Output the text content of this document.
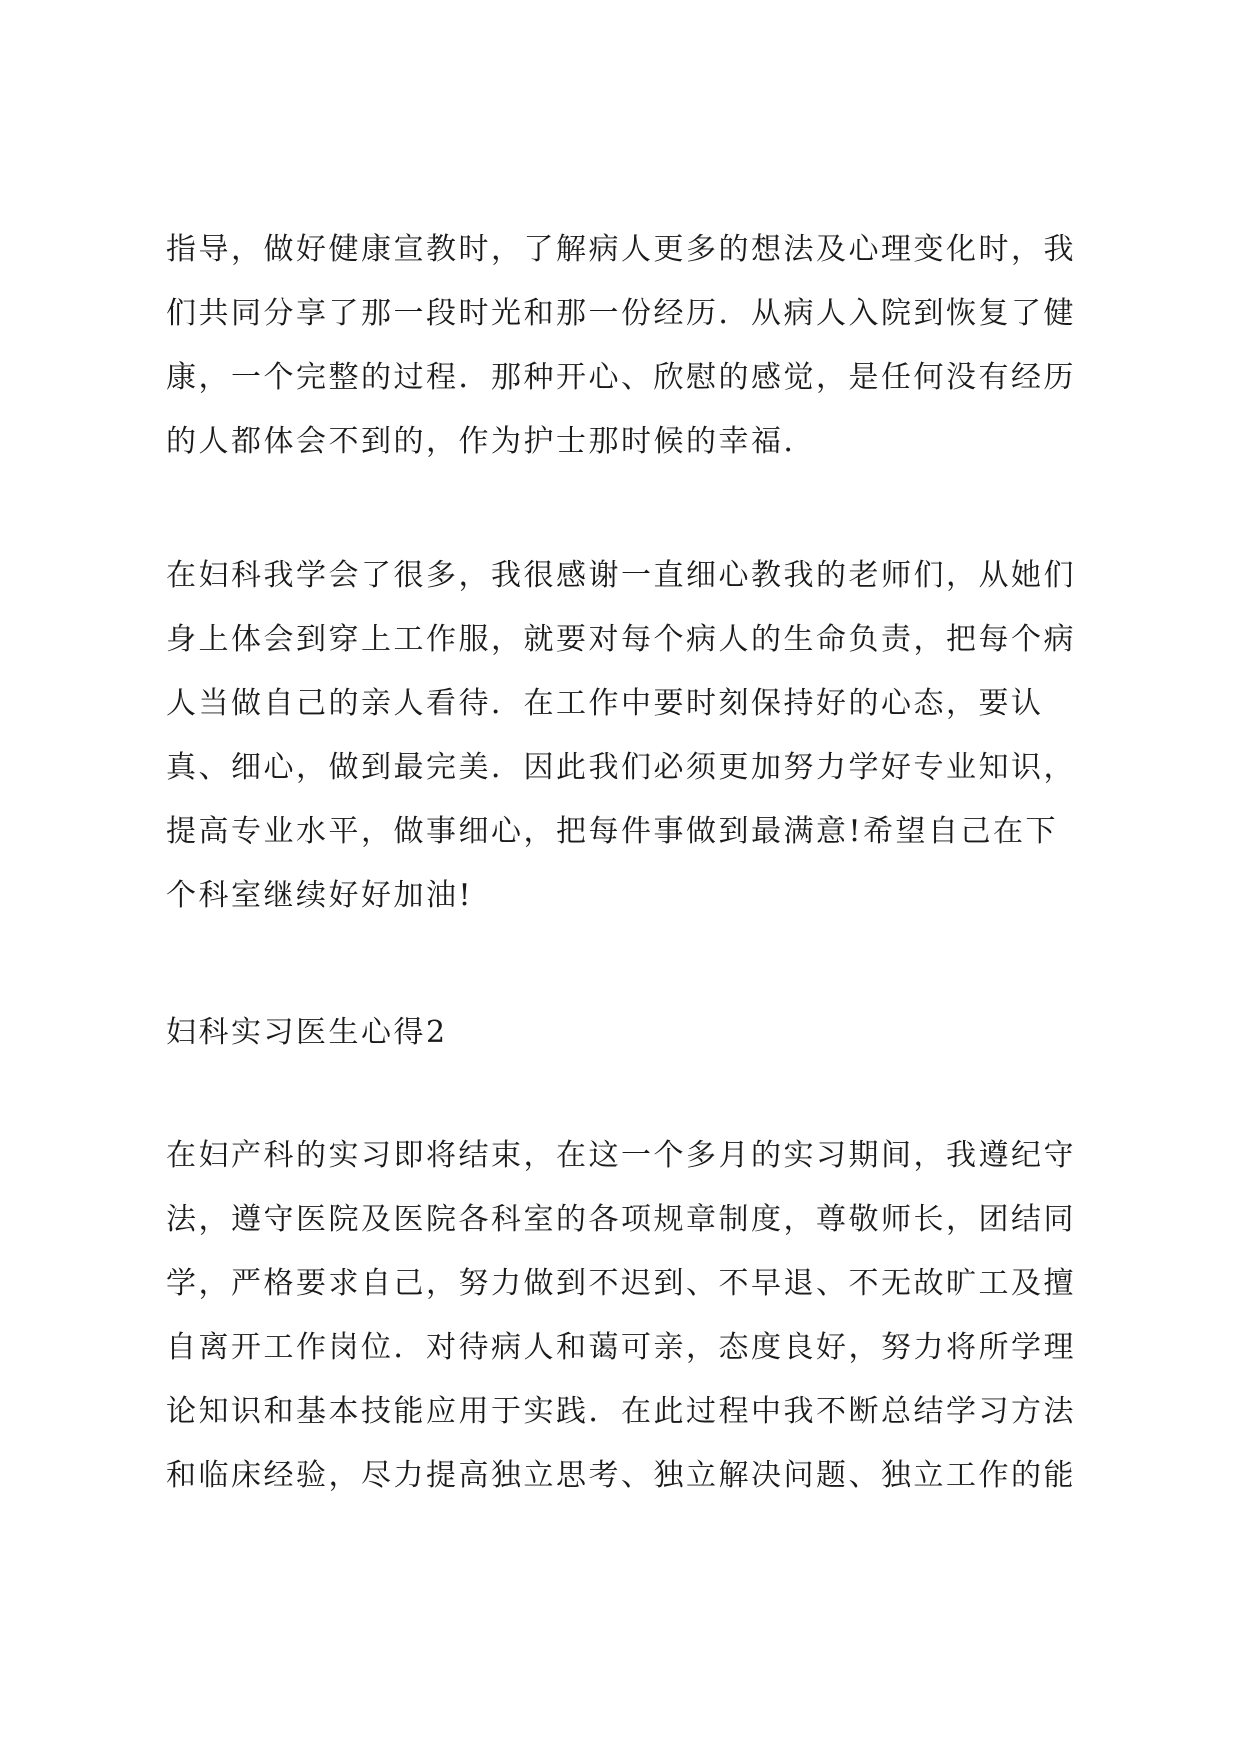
指导，做好健康宣教时，了解病人更多的想法及心理变化时，我
们共同分享了那一段时光和那一份经历．从病人入院到恢复了健
康，一个完整的过程．那种开心、欣慰的感觉，是任何没有经历
的人都体会不到的，作为护士那时候的幸福．
在妇科我学会了很多，我很感谢一直细心教我的老师们，从她们
身上体会到穿上工作服，就要对每个病人的生命负责，把每个病
人当做自己的亲人看待．在工作中要时刻保持好的心态，要认
真、细心，做到最完美．因此我们必须更加努力学好专业知识，
提高专业水平，做事细心，把每件事做到最满意!希望自己在下
个科室继续好好加油!
妇科实习医生心得2
在妇产科的实习即将结束，在这一个多月的实习期间，我遵纪守
法，遵守医院及医院各科室的各项规章制度，尊敬师长，团结同
学，严格要求自己，努力做到不迟到、不早退、不无故旷工及擅
自离开工作岗位．对待病人和蔼可亲，态度良好，努力将所学理
论知识和基本技能应用于实践．在此过程中我不断总结学习方法
和临床经验，尽力提高独立思考、独立解决问题、独立工作的能
